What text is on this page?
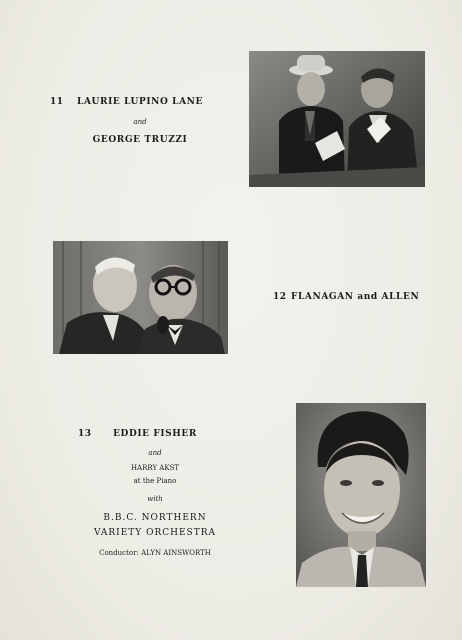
11	LAURIE LUPINO LANE
and
GEORGE TRUZZI
12 FLANAGAN and ALLEN
13	EDDIE FISHER
and
HARRY AKST
at the Piano
with
B.B.C. NORTHERN
VARIETY ORCHESTRA
Conductor: ALYN AINSWORTH
